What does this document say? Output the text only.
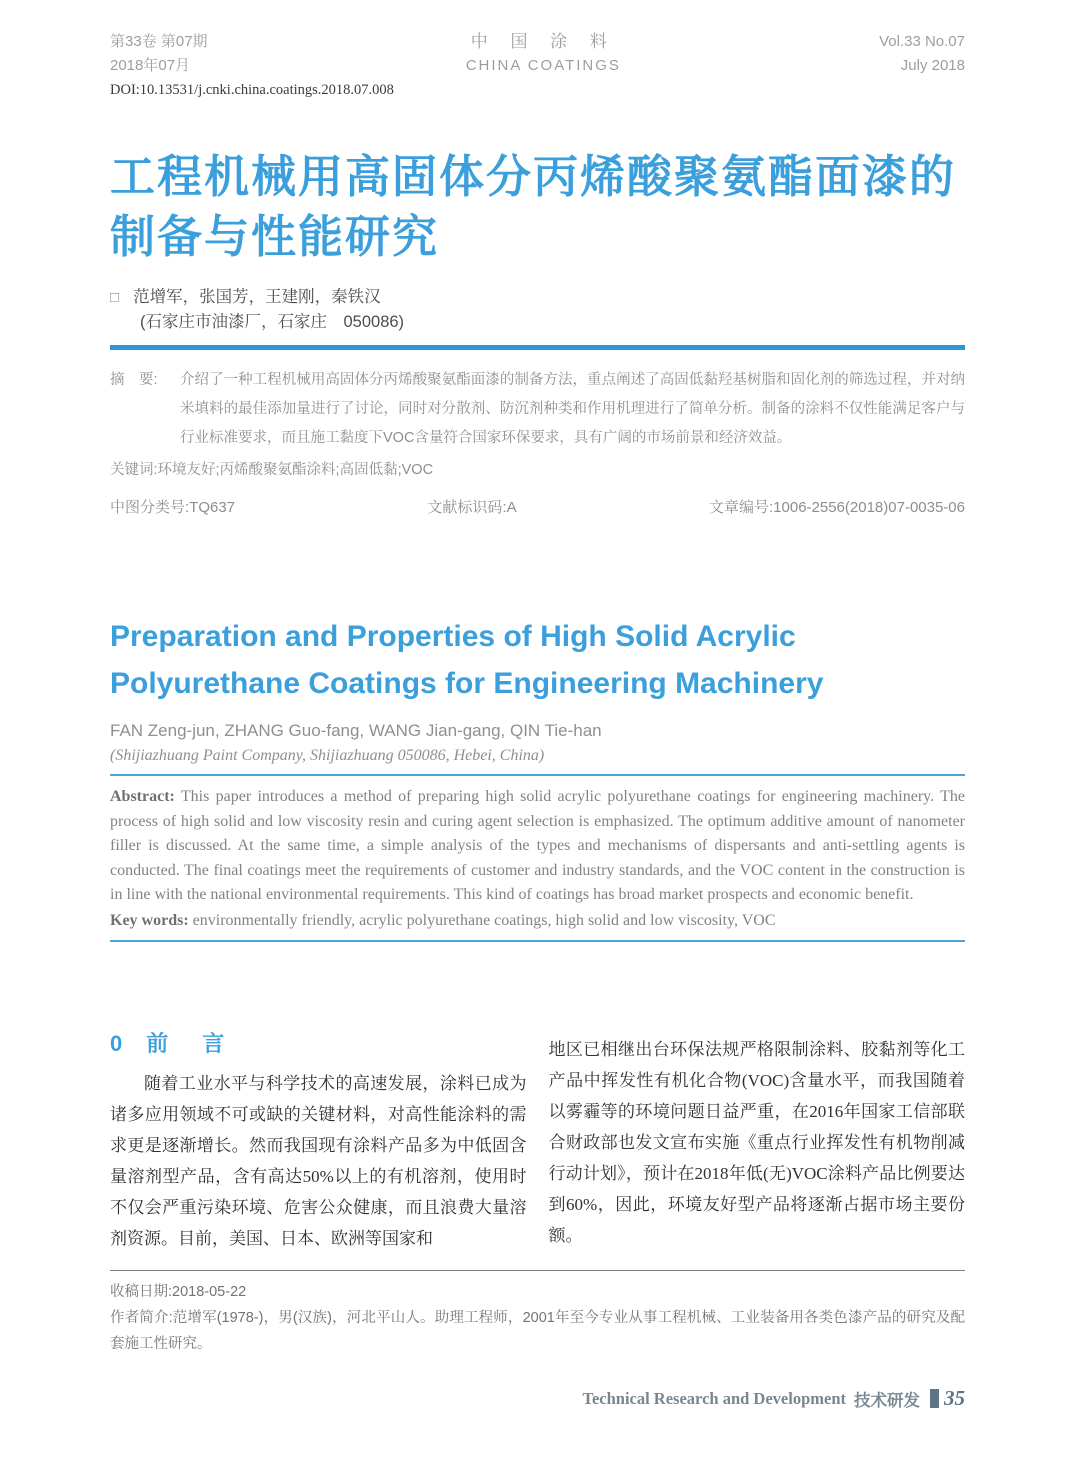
第33卷 第07期
2018年07月
中 国 涂 料
CHINA COATINGS
Vol.33 No.07
July 2018
DOI:10.13531/j.cnki.china.coatings.2018.07.008
工程机械用高固体分丙烯酸聚氨酯面漆的
制备与性能研究
□ 范增军，张国芳，王建刚，秦铁汉
(石家庄市油漆厂，石家庄　050086)
摘　要:	介绍了一种工程机械用高固体分丙烯酸聚氨酯面漆的制备方法，重点阐述了高固低黏羟基树脂和固化剂的筛选过程，并对纳米填料的最佳添加量进行了讨论，同时对分散剂、防沉剂种类和作用机理进行了简单分析。制备的涂料不仅性能满足客户与行业标准要求，而且施工黏度下VOC含量符合国家环保要求，具有广阔的市场前景和经济效益。
关键词:环境友好;丙烯酸聚氨酯涂料;高固低黏;VOC
中图分类号:TQ637	文献标识码:A	文章编号:1006-2556(2018)07-0035-06
Preparation and Properties of High Solid Acrylic
Polyurethane Coatings for Engineering Machinery
FAN Zeng-jun, ZHANG Guo-fang, WANG Jian-gang, QIN Tie-han
(Shijiazhuang Paint Company, Shijiazhuang 050086, Hebei, China)
Abstract: This paper introduces a method of preparing high solid acrylic polyurethane coatings for engineering machinery. The process of high solid and low viscosity resin and curing agent selection is emphasized. The optimum additive amount of nanometer filler is discussed. At the same time, a simple analysis of the types and mechanisms of dispersants and anti-settling agents is conducted. The final coatings meet the requirements of customer and industry standards, and the VOC content in the construction is in line with the national environmental requirements. This kind of coatings has broad market prospects and economic benefit.
Key words: environmentally friendly, acrylic polyurethane coatings, high solid and low viscosity, VOC
0 前　言
随着工业水平与科学技术的高速发展，涂料已成为诸多应用领域不可或缺的关键材料，对高性能涂料的需求更是逐渐增长。然而我国现有涂料产品多为中低固含量溶剂型产品，含有高达50%以上的有机溶剂，使用时不仅会严重污染环境、危害公众健康，而且浪费大量溶剂资源。目前，美国、日本、欧洲等国家和
地区已相继出台环保法规严格限制涂料、胶黏剂等化工产品中挥发性有机化合物(VOC)含量水平，而我国随着以雾霾等的环境问题日益严重，在2016年国家工信部联合财政部也发文宣布实施《重点行业挥发性有机物削减行动计划》，预计在2018年低(无)VOC涂料产品比例要达到60%，因此，环境友好型产品将逐渐占据市场主要份额。
收稿日期:2018-05-22
作者简介:范增军(1978-)，男(汉族)，河北平山人。助理工程师，2001年至今专业从事工程机械、工业装备用各类色漆产品的研究及配套施工性研究。
Technical Research and Development 技术研发 35
